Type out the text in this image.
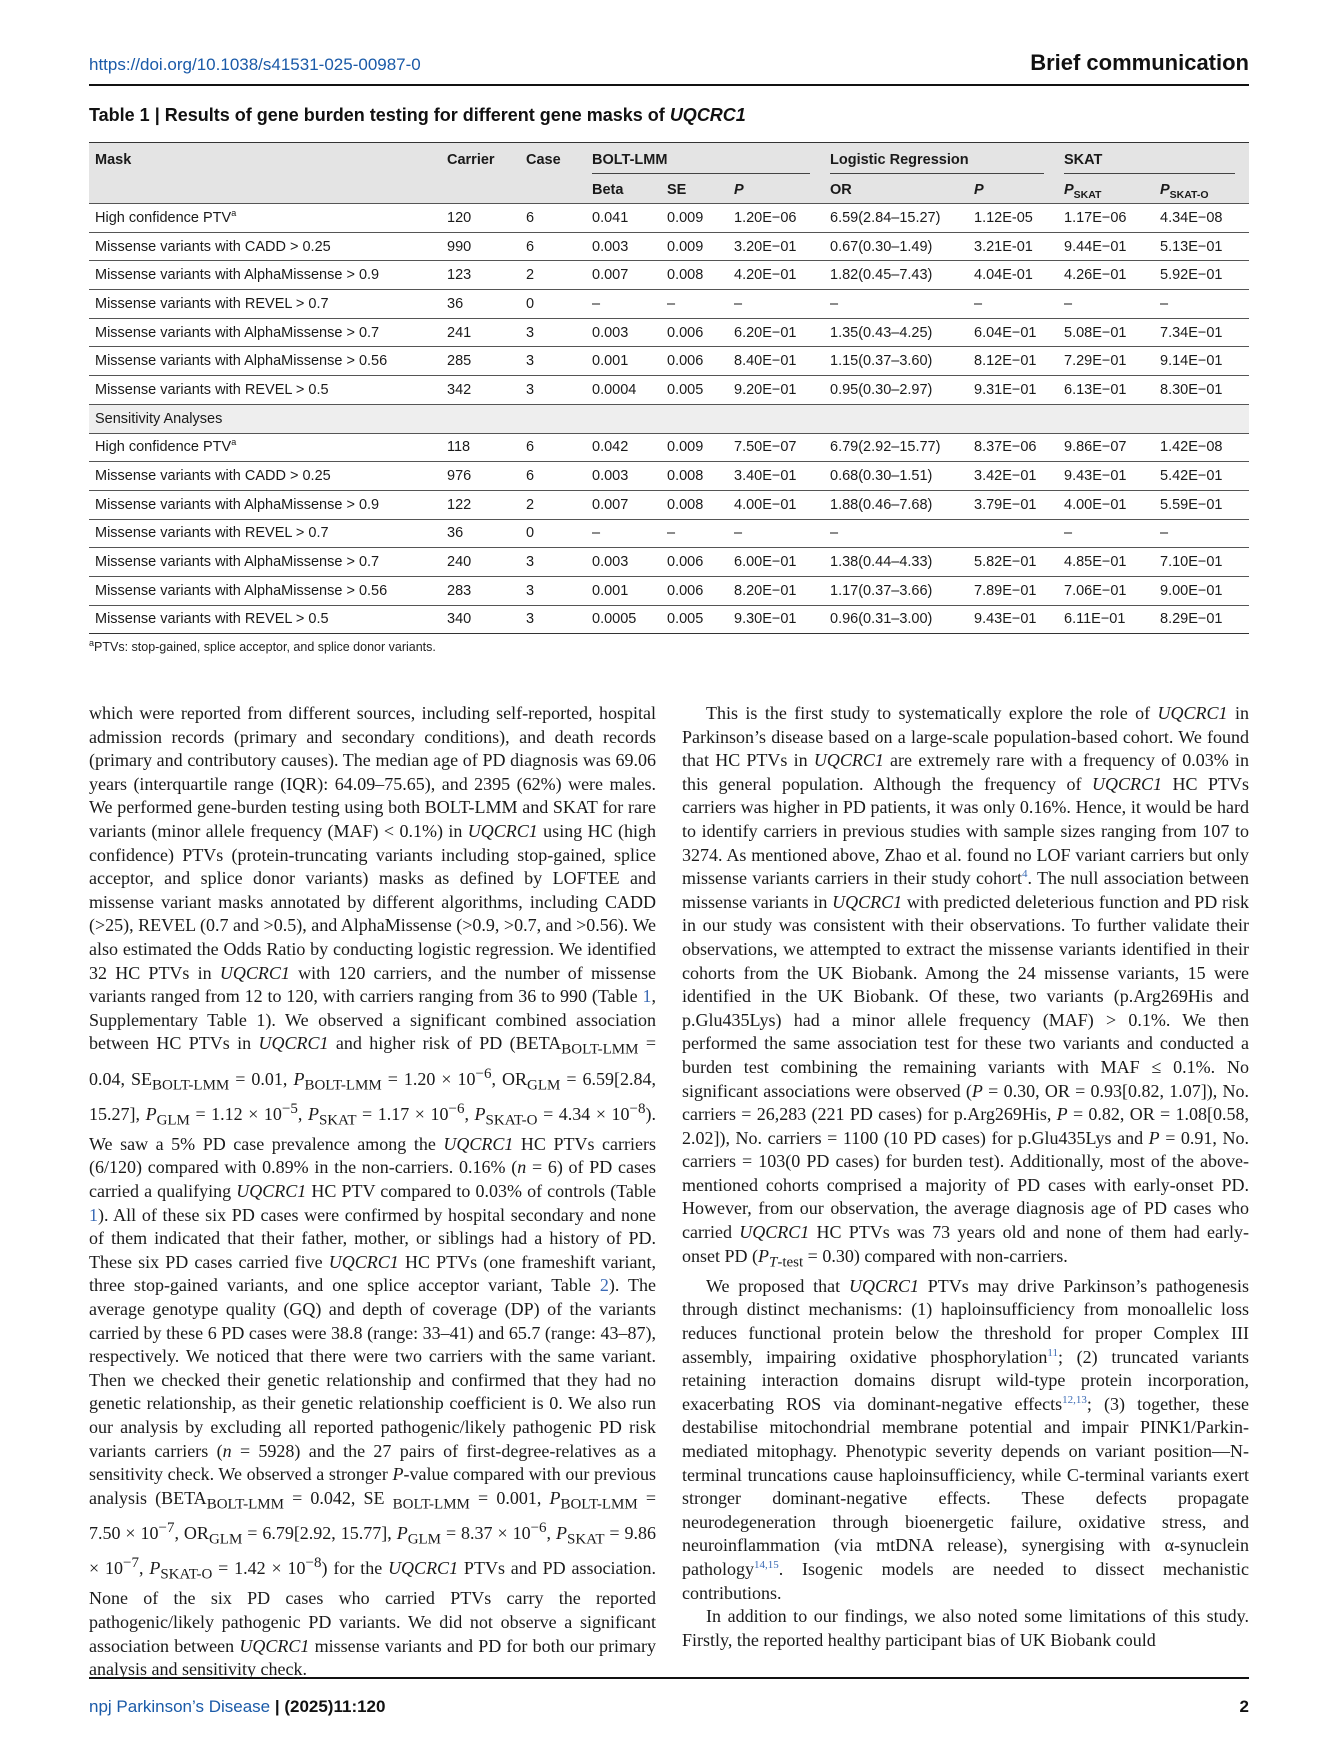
https://doi.org/10.1038/s41531-025-00987-0	Brief communication
Table 1 | Results of gene burden testing for different gene masks of UQCRC1
Mask	Carrier	Case	BOLT-LMM			Logistic Regression		SKAT	

			Beta	SE	P	OR	P	$P_{SKAT}$	$P_{SKAT-O}$
High confidence PTV$^a$	120	6	0.041	0.009	1.20E−06	6.59(2.84–15.27)	1.12E-05	1.17E−06	4.34E−08
Missense variants with CADD > 0.25	990	6	0.003	0.009	3.20E−01	0.67(0.30–1.49)	3.21E-01	9.44E−01	5.13E−01
Missense variants with AlphaMissense > 0.9	123	2	0.007	0.008	4.20E−01	1.82(0.45–7.43)	4.04E-01	4.26E−01	5.92E−01
Missense variants with REVEL > 0.7	36	0	–	–	–	–	–	–	–
Missense variants with AlphaMissense > 0.7	241	3	0.003	0.006	6.20E−01	1.35(0.43–4.25)	6.04E−01	5.08E−01	7.34E−01
Missense variants with AlphaMissense > 0.56	285	3	0.001	0.006	8.40E−01	1.15(0.37–3.60)	8.12E−01	7.29E−01	9.14E−01
Missense variants with REVEL > 0.5	342	3	0.0004	0.005	9.20E−01	0.95(0.30–2.97)	9.31E−01	6.13E−01	8.30E−01
Sensitivity Analyses									
High confidence PTV$^a$	118	6	0.042	0.009	7.50E−07	6.79(2.92–15.77)	8.37E−06	9.86E−07	1.42E−08
Missense variants with CADD > 0.25	976	6	0.003	0.008	3.40E−01	0.68(0.30–1.51)	3.42E−01	9.43E−01	5.42E−01
Missense variants with AlphaMissense > 0.9	122	2	0.007	0.008	4.00E−01	1.88(0.46–7.68)	3.79E−01	4.00E−01	5.59E−01
Missense variants with REVEL > 0.7	36	0	–	–	–	–		–	–
Missense variants with AlphaMissense > 0.7	240	3	0.003	0.006	6.00E−01	1.38(0.44–4.33)	5.82E−01	4.85E−01	7.10E−01
Missense variants with AlphaMissense > 0.56	283	3	0.001	0.006	8.20E−01	1.17(0.37–3.66)	7.89E−01	7.06E−01	9.00E−01
Missense variants with REVEL > 0.5	340	3	0.0005	0.005	9.30E−01	0.96(0.31–3.00)	9.43E−01	6.11E−01	8.29E−01
$^a$PTVs: stop-gained, splice acceptor, and splice donor variants.

which were reported from different sources, including self-reported, hospital admission records (primary and secondary conditions), and death records (primary and contributory causes). The median age of PD diagnosis was 69.06 years (interquartile range (IQR): 64.09–75.65), and 2395 (62%) were males. We performed gene-burden testing using both BOLT-LMM and SKAT for rare variants (minor allele frequency (MAF) < 0.1%) in UQCRC1 using HC (high confidence) PTVs (protein-truncating variants including stop-gained, splice acceptor, and splice donor variants) masks as defined by LOFTEE and missense variant masks annotated by different algorithms, including CADD (>25), REVEL (0.7 and >0.5), and AlphaMissense (>0.9, >0.7, and >0.56). We also estimated the Odds Ratio by conducting logistic regression. We identified 32 HC PTVs in UQCRC1 with 120 carriers, and the number of missense variants ranged from 12 to 120, with carriers ranging from 36 to 990 (Table 1, Supplementary Table 1). We observed a significant combined association between HC PTVs in UQCRC1 and higher risk of PD ($BETA_{BOLT-LMM} = 0.04$, $SE_{BOLT-LMM} = 0.01$, $P_{BOLT-LMM} = 1.20 \times 10^{-6}$, $OR_{GLM} = 6.59[2.84$, 15.27], $P_{GLM} = 1.12 \times 10^{-5}$, $P_{SKAT} = 1.17 \times 10^{-6}$, $P_{SKAT-O} = 4.34 \times 10^{-8}$). We saw a 5% PD case prevalence among the UQCRC1 HC PTVs carriers (6/120) compared with 0.89% in the non-carriers. 0.16% (n = 6) of PD cases carried a qualifying UQCRC1 HC PTV compared to 0.03% of controls (Table 1). All of these six PD cases were confirmed by hospital secondary and none of them indicated that their father, mother, or siblings had a history of PD. These six PD cases carried five UQCRC1 HC PTVs (one frameshift variant, three stop-gained variants, and one splice acceptor variant, Table 2). The average genotype quality (GQ) and depth of coverage (DP) of the variants carried by these 6 PD cases were 38.8 (range: 33–41) and 65.7 (range: 43–87), respectively. We noticed that there were two carriers with the same variant. Then we checked their genetic relationship and confirmed that they had no genetic relationship, as their genetic relationship coefficient is 0. We also run our analysis by excluding all reported pathogenic/likely pathogenic PD risk variants carriers (n = 5928) and the 27 pairs of first-degree-relatives as a sensitivity check. We observed a stronger P-value compared with our previous analysis ($BETA_{BOLT-LMM} = 0.042$, SE $_{BOLT-LMM}$ = 0.001, $P_{BOLT-LMM} = 7.50 \times 10^{-7}$, $OR_{GLM} = 6.79[2.92$, 15.77], $P_{GLM} = 8.37 \times 10^{-6}$, $P_{SKAT} = 9.86 \times 10^{-7}$, $P_{SKAT-O} = 1.42 \times 10^{-8}$) for the UQCRC1 PTVs and PD association. None of the six PD cases who carried PTVs carry the reported pathogenic/likely pathogenic PD variants. We did not observe a significant association between UQCRC1 missense variants and PD for both our primary analysis and sensitivity check.

This is the first study to systematically explore the role of UQCRC1 in Parkinson’s disease based on a large-scale population-based cohort. We found that HC PTVs in UQCRC1 are extremely rare with a frequency of 0.03% in this general population. Although the frequency of UQCRC1 HC PTVs carriers was higher in PD patients, it was only 0.16%. Hence, it would be hard to identify carriers in previous studies with sample sizes ranging from 107 to 3274. As mentioned above, Zhao et al. found no LOF variant carriers but only missense variants carriers in their study cohort$^4$. The null association between missense variants in UQCRC1 with predicted deleterious function and PD risk in our study was consistent with their observations. To further validate their observations, we attempted to extract the missense variants identified in their cohorts from the UK Biobank. Among the 24 missense variants, 15 were identified in the UK Biobank. Of these, two variants (p.Arg269His and p.Glu435Lys) had a minor allele frequency (MAF) > 0.1%. We then performed the same association test for these two variants and conducted a burden test combining the remaining variants with MAF ≤ 0.1%. No significant associations were observed (P = 0.30, OR = 0.93[0.82, 1.07]), No. carriers = 26,283 (221 PD cases) for p.Arg269His, P = 0.82, OR = 1.08[0.58, 2.02]), No. carriers = 1100 (10 PD cases) for p.Glu435Lys and P = 0.91, No. carriers = 103(0 PD cases) for burden test). Additionally, most of the above-mentioned cohorts comprised a majority of PD cases with early-onset PD. However, from our observation, the average diagnosis age of PD cases who carried UQCRC1 HC PTVs was 73 years old and none of them had early-onset PD $(P_{T-test} = 0.30)$ compared with non-carriers.

We proposed that UQCRC1 PTVs may drive Parkinson’s pathogenesis through distinct mechanisms: (1) haploinsufficiency from monoallelic loss reduces functional protein below the threshold for proper Complex III assembly, impairing oxidative phosphorylation$^{11}$; (2) truncated variants retaining interaction domains disrupt wild-type protein incorporation, exacerbating ROS via dominant-negative effects$^{12,13}$; (3) together, these destabilise mitochondrial membrane potential and impair PINK1/Parkin-mediated mitophagy. Phenotypic severity depends on variant position—N-terminal truncations cause haploinsufficiency, while C-terminal variants exert stronger dominant-negative effects. These defects propagate neurodegeneration through bioenergetic failure, oxidative stress, and neuroinflammation (via mtDNA release), synergising with α-synuclein pathology$^{14,15}$. Isogenic models are needed to dissect mechanistic contributions.

In addition to our findings, we also noted some limitations of this study. Firstly, the reported healthy participant bias of UK Biobank could

npj Parkinson’s Disease | (2025)11:120	2
